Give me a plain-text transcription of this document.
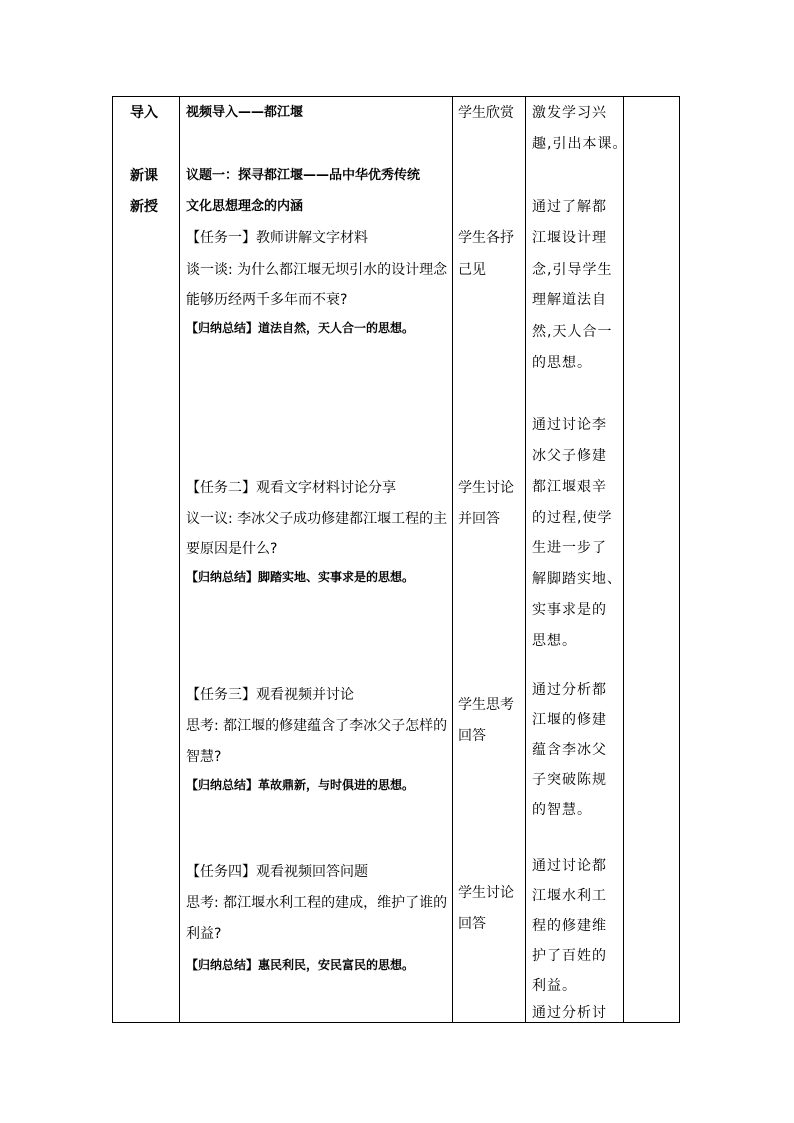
导入
新课
新授
视频导入——都江堰
议题一：探寻都江堰——品中华优秀传统
文化思想理念的内涵
【任务一】教师讲解文字材料
谈一谈: 为什么都江堰无坝引水的设计理念
能够历经两千多年而不衰?
【归纳总结】道法自然，天人合一的思想。
【任务二】观看文字材料讨论分享
议一议: 李冰父子成功修建都江堰工程的主
要原因是什么?
【归纳总结】脚踏实地、实事求是的思想。
【任务三】观看视频并讨论
思考: 都江堰的修建蕴含了李冰父子怎样的
智慧?
【归纳总结】革故鼎新，与时俱进的思想。
【任务四】观看视频回答问题
思考: 都江堰水利工程的建成，维护了谁的
利益?
【归纳总结】惠民利民，安民富民的思想。
学生欣赏
学生各抒
己见
学生讨论
并回答
学生思考
回答
学生讨论
回答
激发学习兴
趣,引出本课。
通过了解都
江堰设计理
念,引导学生
理解道法自
然,天人合一
的思想。
通过讨论李
冰父子修建
都江堰艰辛
的过程,使学
生进一步了
解脚踏实地、
实事求是的
思想。
通过分析都
江堰的修建
蕴含李冰父
子突破陈规
的智慧。
通过讨论都
江堰水利工
程的修建维
护了百姓的
利益。
通过分析讨
